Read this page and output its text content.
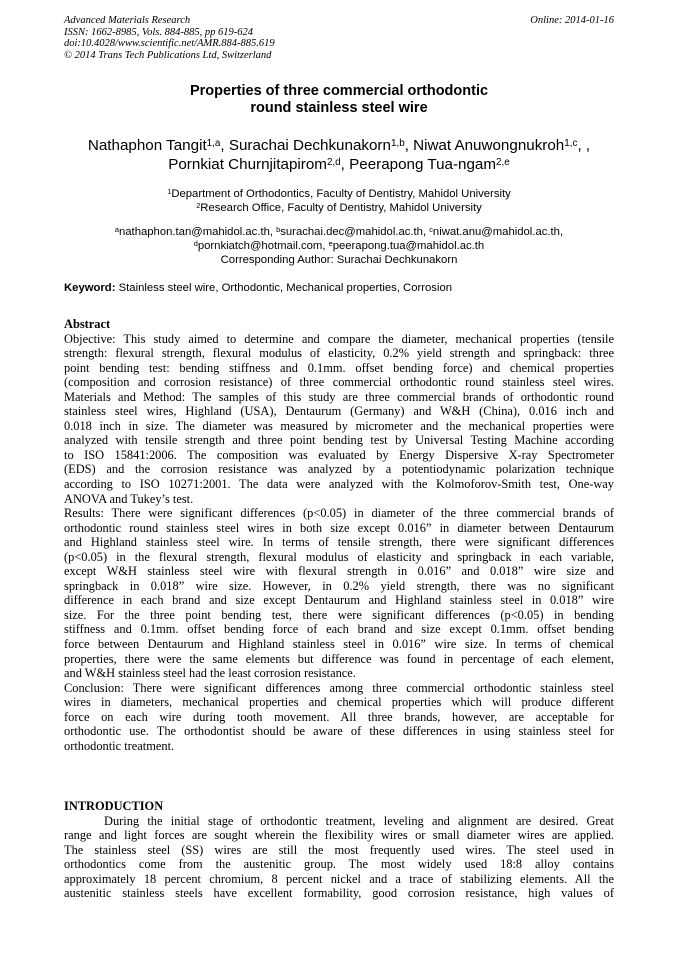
Advanced Materials Research
ISSN: 1662-8985, Vols. 884-885, pp 619-624
doi:10.4028/www.scientific.net/AMR.884-885.619
© 2014 Trans Tech Publications Ltd, Switzerland
Online: 2014-01-16
Properties of three commercial orthodontic
round stainless steel wire
Nathaphon Tangit$^{1,a}$, Surachai Dechkunakorn$^{1,b}$, Niwat Anuwongnukroh$^{1,c}$, ,
Pornkiat Churnjitapirom$^{2,d}$, Peerapong Tua-ngam$^{2,e}$
$^1$Department of Orthodontics, Faculty of Dentistry, Mahidol University
$^2$Research Office, Faculty of Dentistry, Mahidol University
$^a$nathaphon.tan@mahidol.ac.th, $^b$surachai.dec@mahidol.ac.th, $^c$niwat.anu@mahidol.ac.th,
$^d$pornkiatch@hotmail.com, $^e$peerapong.tua@mahidol.ac.th
Corresponding Author: Surachai Dechkunakorn
Keyword: Stainless steel wire, Orthodontic, Mechanical properties, Corrosion
Abstract
Objective: This study aimed to determine and compare the diameter, mechanical properties (tensile
strength: flexural strength, flexural modulus of elasticity, 0.2% yield strength and springback: three
point bending test: bending stiffness and 0.1mm. offset bending force) and chemical properties
(composition and corrosion resistance) of three commercial orthodontic round stainless steel wires.
Materials and Method: The samples of this study are three commercial brands of orthodontic round
stainless steel wires, Highland (USA), Dentaurum (Germany) and W&H (China), 0.016 inch and
0.018 inch in size. The diameter was measured by micrometer and the mechanical properties were
analyzed with tensile strength and three point bending test by Universal Testing Machine according
to ISO 15841:2006. The composition was evaluated by Energy Dispersive X-ray Spectrometer
(EDS) and the corrosion resistance was analyzed by a potentiodynamic polarization technique
according to ISO 10271:2001. The data were analyzed with the Kolmoforov-Smith test, One-way
ANOVA and Tukey’s test.
Results: There were significant differences (p<0.05) in diameter of the three commercial brands of
orthodontic round stainless steel wires in both size except 0.016” in diameter between Dentaurum
and Highland stainless steel wire. In terms of tensile strength, there were significant differences
(p<0.05) in the flexural strength, flexural modulus of elasticity and springback in each variable,
except W&H stainless steel wire with flexural strength in 0.016” and 0.018” wire size and
springback in 0.018” wire size. However, in 0.2% yield strength, there was no significant
difference in each brand and size except Dentaurum and Highland stainless steel in 0.018” wire
size. For the three point bending test, there were significant differences (p<0.05) in bending
stiffness and 0.1mm. offset bending force of each brand and size except 0.1mm. offset bending
force between Dentaurum and Highland stainless steel in 0.016” wire size. In terms of chemical
properties, there were the same elements but difference was found in percentage of each element,
and W&H stainless steel had the least corrosion resistance.
Conclusion: There were significant differences among three commercial orthodontic stainless steel
wires in diameters, mechanical properties and chemical properties which will produce different
force on each wire during tooth movement. All three brands, however, are acceptable for
orthodontic use. The orthodontist should be aware of these differences in using stainless steel for
orthodontic treatment.
INTRODUCTION
During the initial stage of orthodontic treatment, leveling and alignment are desired. Great
range and light forces are sought wherein the flexibility wires or small diameter wires are applied.
The stainless steel (SS) wires are still the most frequently used wires. The steel used in
orthodontics come from the austenitic group. The most widely used 18:8 alloy contains
approximately 18 percent chromium, 8 percent nickel and a trace of stabilizing elements. All the
austenitic stainless steels have excellent formability, good corrosion resistance, high values of
